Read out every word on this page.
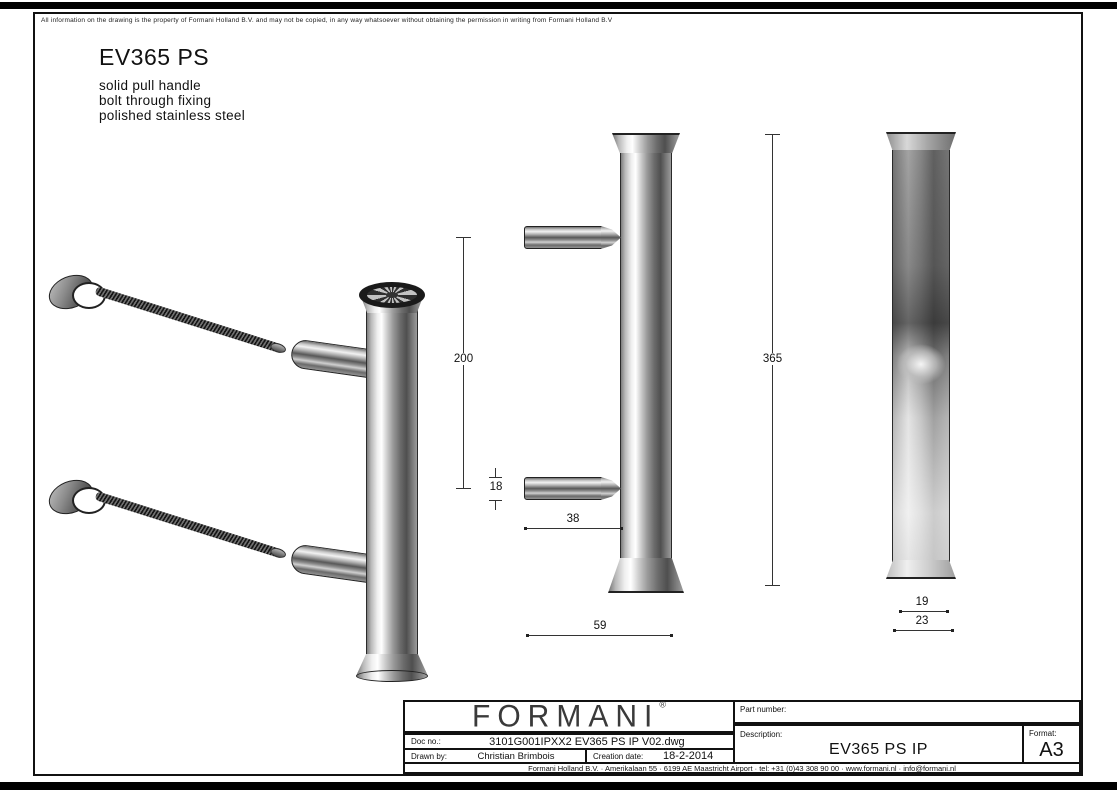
All information on the drawing is the property of Formani Holland B.V. and may not be copied, in any way whatsoever without obtaining the permission in writing from Formani Holland B.V
EV365 PS
solid pull handle
bolt through fixing
polished stainless steel
200
18
38
59
365
19
23
FORMANI®
Doc no.:	3101G001IPXX2 EV365 PS IP V02.dwg
Drawn by:	Christian Brimbois	Creation date:	18-2-2014
Part number:
Description:
EV365 PS IP
Format:
A3
Formani Holland B.V. · Amerikalaan 55 · 6199 AE Maastricht Airport · tel: +31 (0)43 308 90 00 · www.formani.nl · info@formani.nl
